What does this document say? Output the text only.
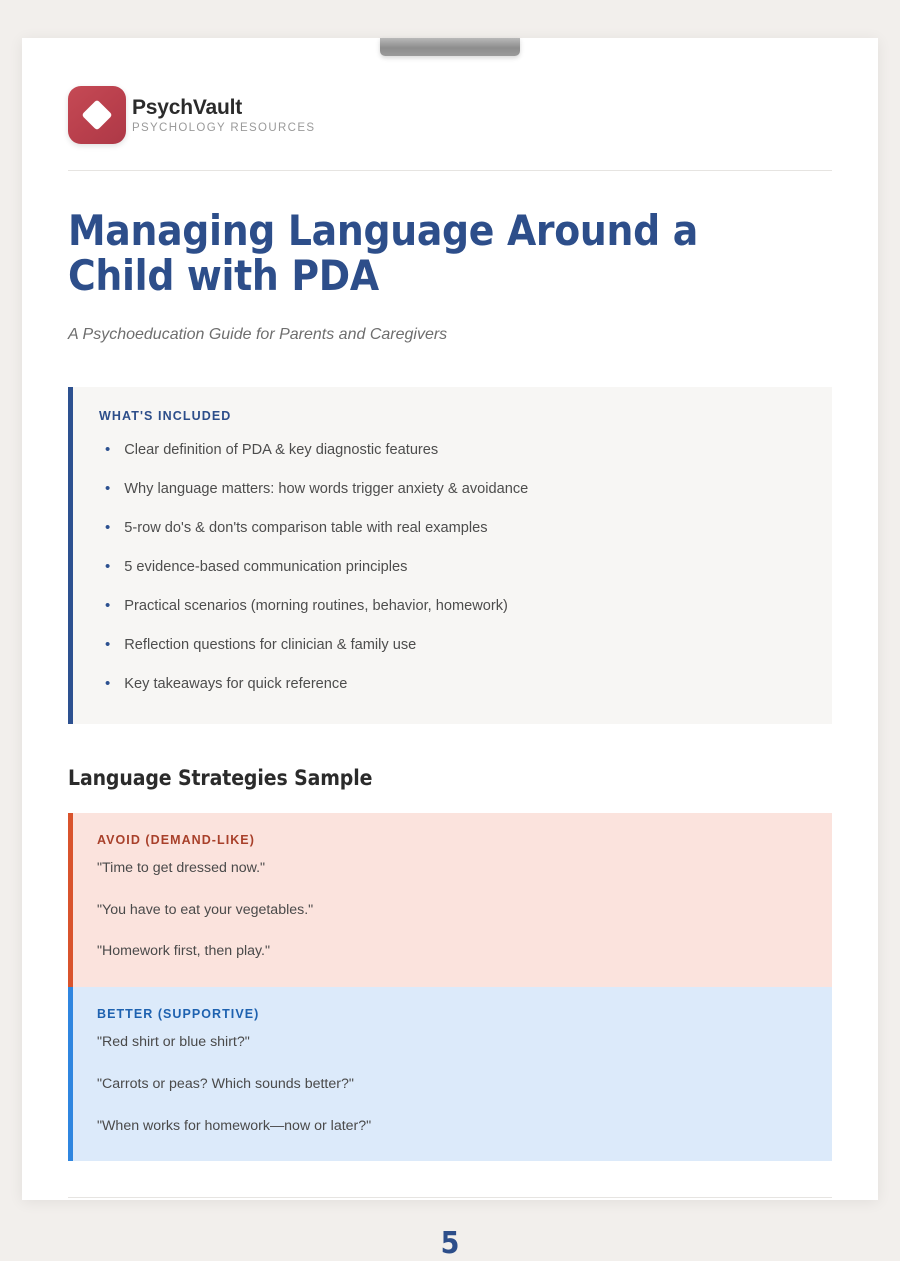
PsychVault
PSYCHOLOGY RESOURCES
Managing Language Around a Child with PDA
A Psychoeducation Guide for Parents and Caregivers
WHAT'S INCLUDED
• Clear definition of PDA & key diagnostic features
• Why language matters: how words trigger anxiety & avoidance
• 5-row do's & don'ts comparison table with real examples
• 5 evidence-based communication principles
• Practical scenarios (morning routines, behavior, homework)
• Reflection questions for clinician & family use
• Key takeaways for quick reference
Language Strategies Sample
AVOID (DEMAND-LIKE)
"Time to get dressed now."
"You have to eat your vegetables."
"Homework first, then play."
BETTER (SUPPORTIVE)
"Red shirt or blue shirt?"
"Carrots or peas? Which sounds better?"
"When works for homework—now or later?"
5
